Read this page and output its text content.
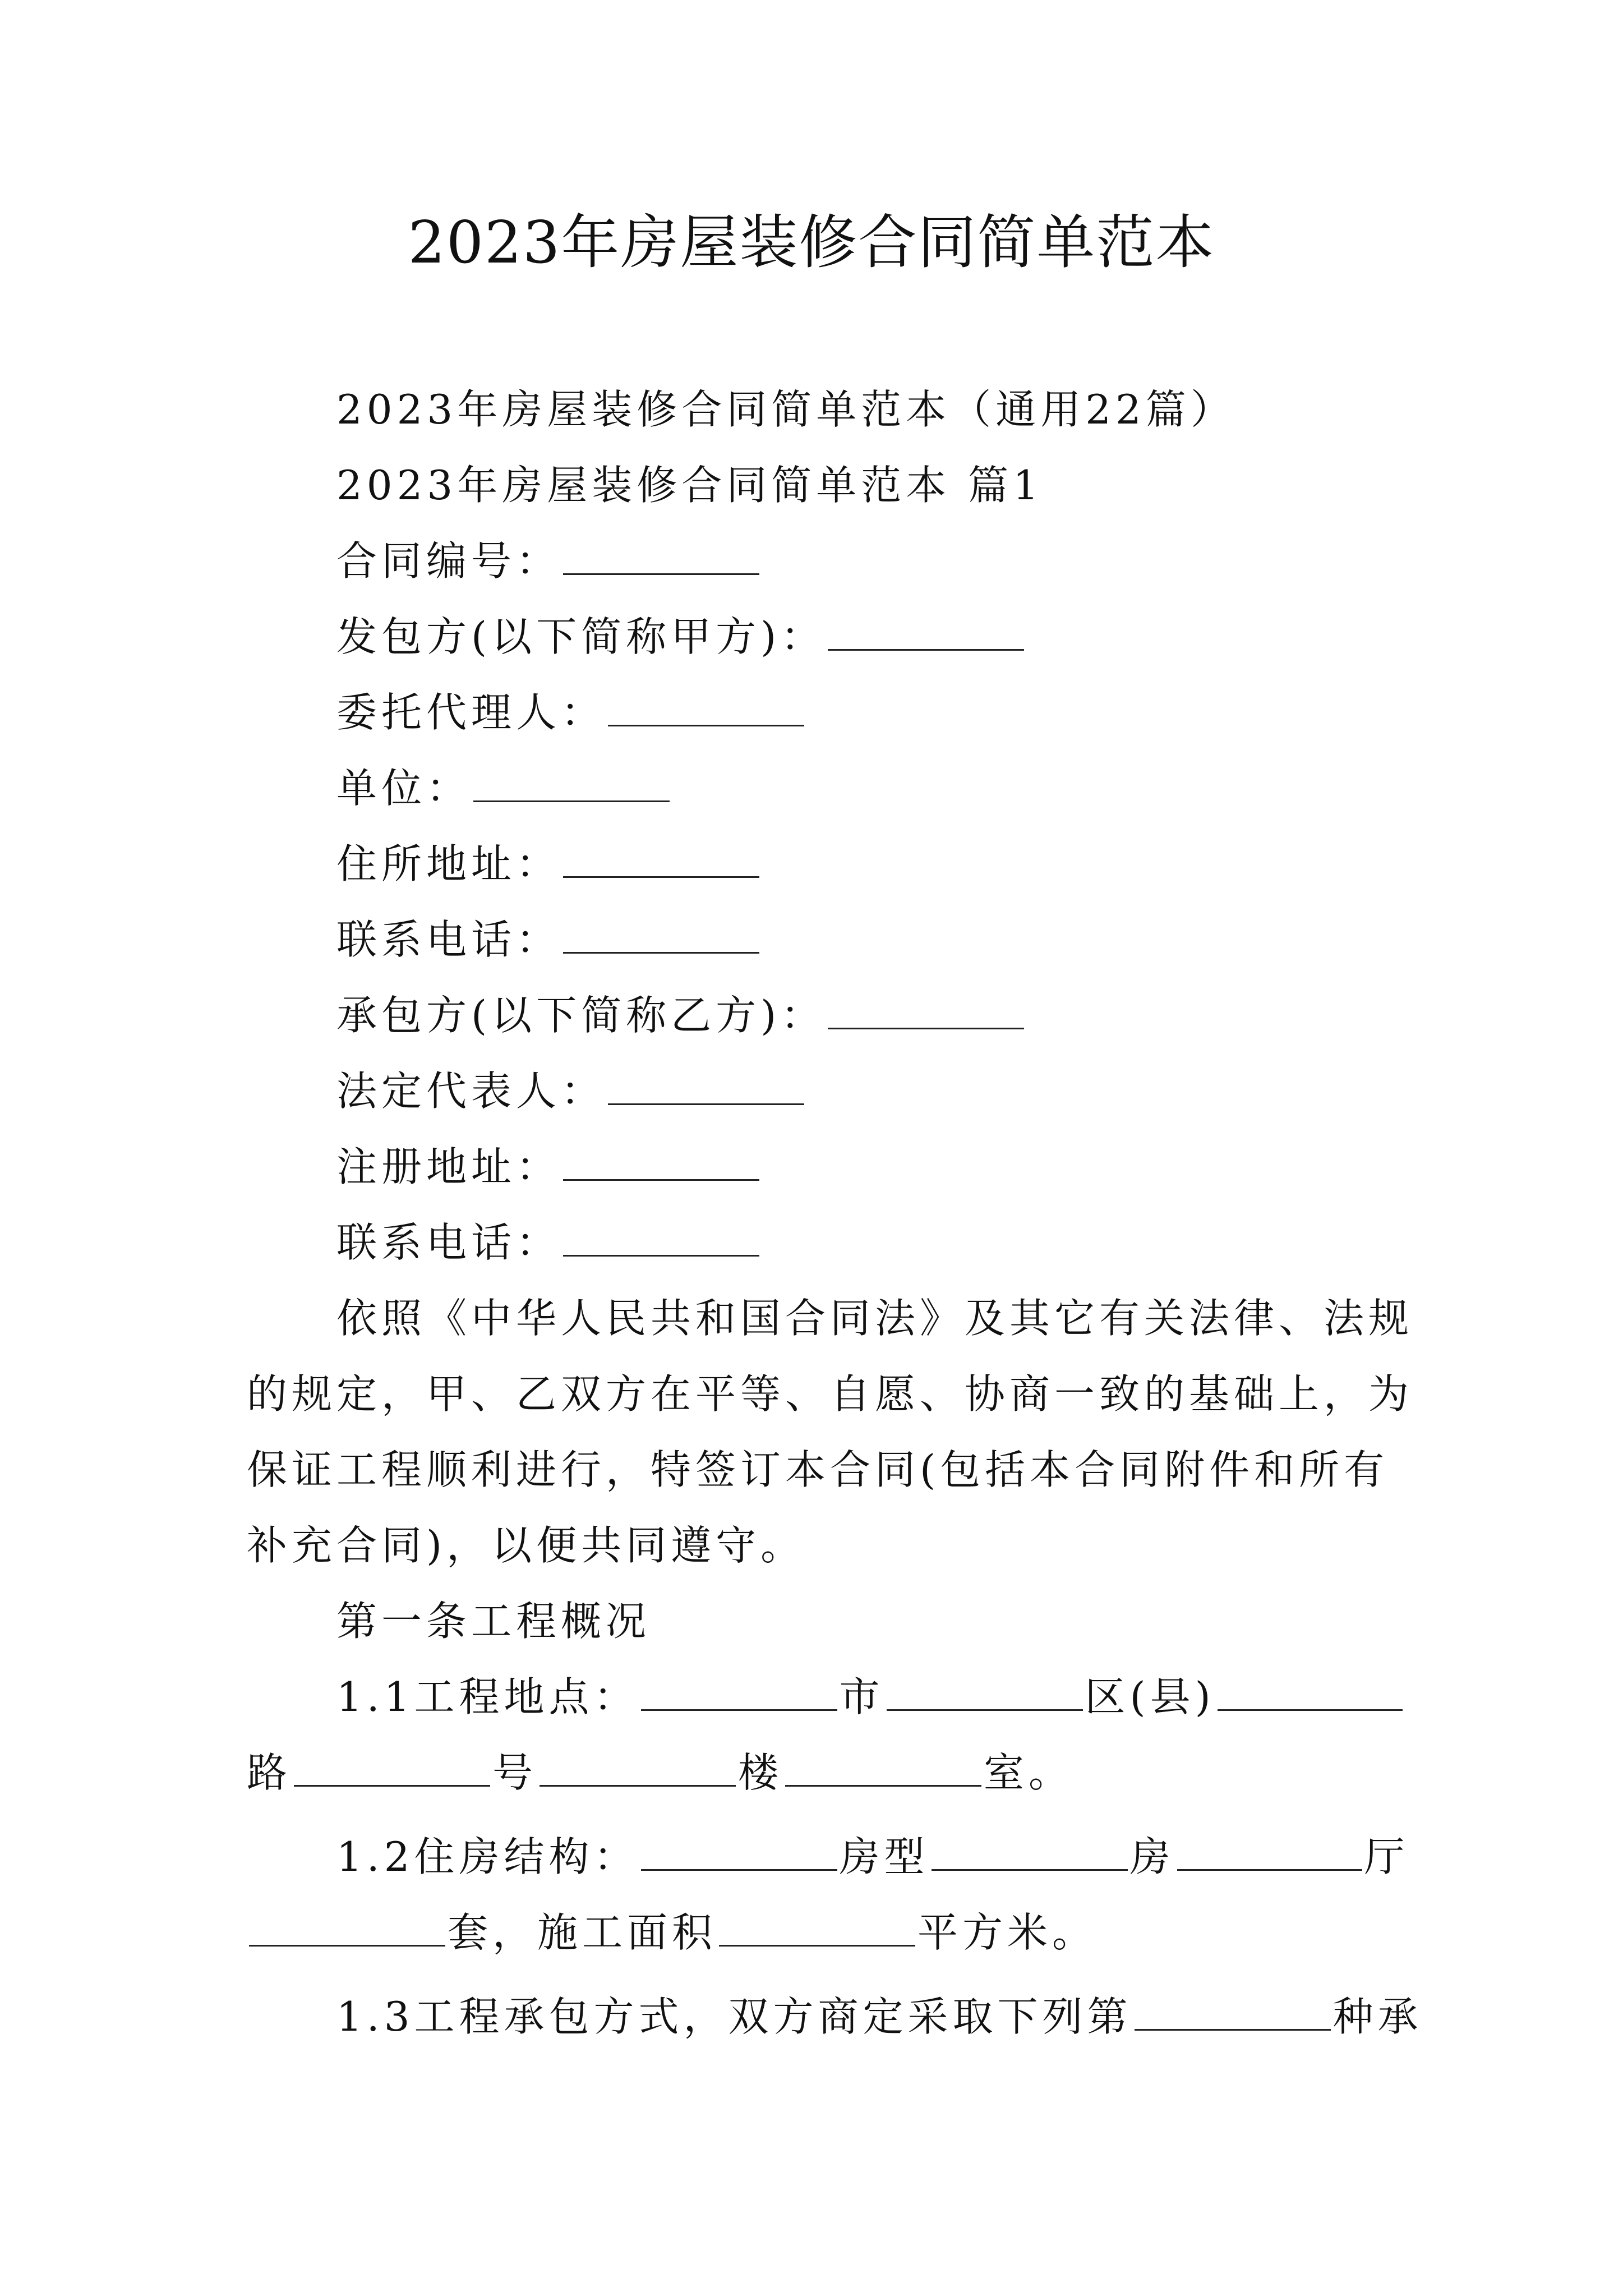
2023年房屋装修合同简单范本
2023年房屋装修合同简单范本（通用22篇）
2023年房屋装修合同简单范本 篇1
合同编号：
发包方(以下简称甲方)：
委托代理人：
单位：
住所地址：
联系电话：
承包方(以下简称乙方)：
法定代表人：
注册地址：
联系电话：
依照《中华人民共和国合同法》及其它有关法律、法规
的规定，甲、乙双方在平等、自愿、协商一致的基础上，为
保证工程顺利进行，特签订本合同(包括本合同附件和所有
补充合同)，以便共同遵守。
第一条工程概况
1.1工程地点：	市	区(县)
路	号	楼	室。
1.2住房结构：	房型	房	厅
套，施工面积	平方米。
1.3工程承包方式，双方商定采取下列第	种承
